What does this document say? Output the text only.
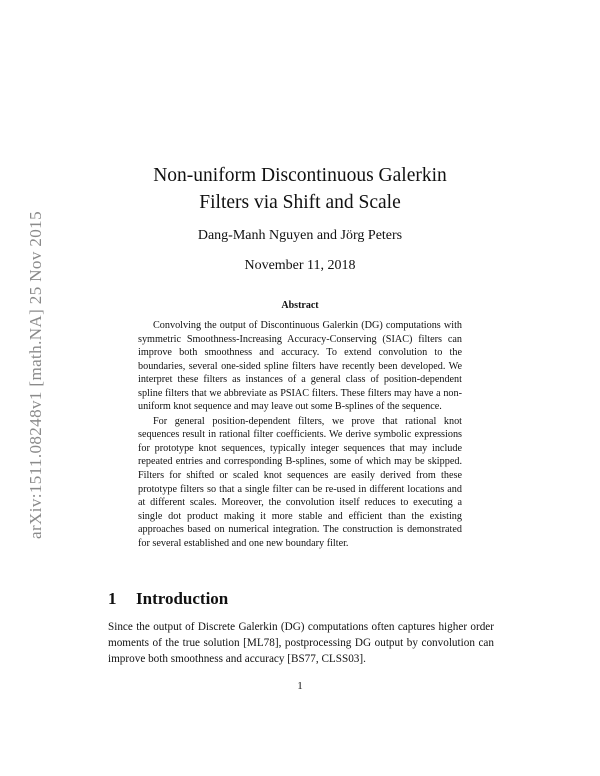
arXiv:1511.08248v1 [math.NA] 25 Nov 2015
Non-uniform Discontinuous Galerkin
Filters via Shift and Scale
Dang-Manh Nguyen and Jörg Peters
November 11, 2018
Abstract

Convolving the output of Discontinuous Galerkin (DG) computations with symmetric Smoothness-Increasing Accuracy-Conserving (SIAC) filters can improve both smoothness and accuracy. To extend convolution to the boundaries, several one-sided spline filters have recently been developed. We interpret these filters as instances of a general class of position-dependent spline filters that we abbreviate as PSIAC filters. These filters may have a non-uniform knot sequence and may leave out some B-splines of the sequence.

For general position-dependent filters, we prove that rational knot sequences result in rational filter coefficients. We derive symbolic expressions for prototype knot sequences, typically integer sequences that may include repeated entries and corresponding B-splines, some of which may be skipped. Filters for shifted or scaled knot sequences are easily derived from these prototype filters so that a single filter can be re-used in different locations and at different scales. Moreover, the convolution itself reduces to executing a single dot product making it more stable and efficient than the existing approaches based on numerical integration. The construction is demonstrated for several established and one new boundary filter.

1 Introduction

Since the output of Discrete Galerkin (DG) computations often captures higher order moments of the true solution [ML78], postprocessing DG output by convolution can improve both smoothness and accuracy [BS77, CLSS03].

1
